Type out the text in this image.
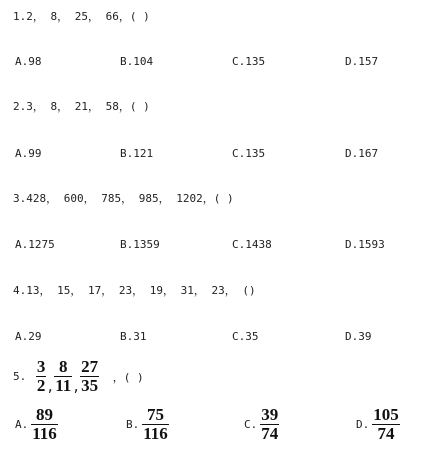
1.2， 8， 25， 66，( )
A.98	B.104	C.135	D.157
2.3， 8， 21， 58，( )
A.99	B.121	C.135	D.167
3.428， 600， 785， 985， 1202，( )
A.1275	B.1359	C.1438	D.1593
4.13， 15， 17， 23， 19， 31， 23， ()
A.29	B.31	C.35	D.39
5. $\frac{3}{2}$ , $\frac{8}{11}$ , $\frac{27}{35}$ ，( )
A. $\frac{89}{116}$	B. $\frac{75}{116}$	C. $\frac{39}{74}$	D. $\frac{105}{74}$
